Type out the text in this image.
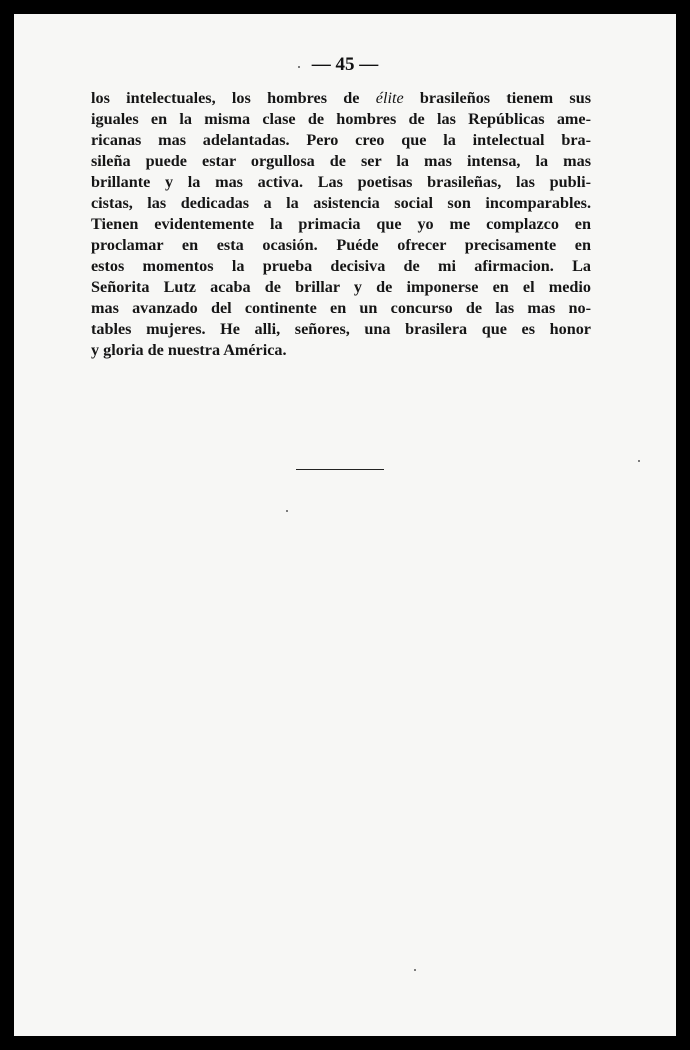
— 45 —
los intelectuales, los hombres de élite brasileños tienem sus
iguales en la misma clase de hombres de las Repúblicas ame-
ricanas mas adelantadas. Pero creo que la intelectual bra-
sileña puede estar orgullosa de ser la mas intensa, la mas
brillante y la mas activa. Las poetisas brasileñas, las publi-
cistas, las dedicadas a la asistencia social son incomparables.
Tienen evidentemente la primacia que yo me complazco en
proclamar en esta ocasión. Puéde ofrecer precisamente en
estos momentos la prueba decisiva de mi afirmacion. La
Señorita Lutz acaba de brillar y de imponerse en el medio
mas avanzado del continente en un concurso de las mas no-
tables mujeres. He alli, señores, una brasilera que es honor
y gloria de nuestra América.
